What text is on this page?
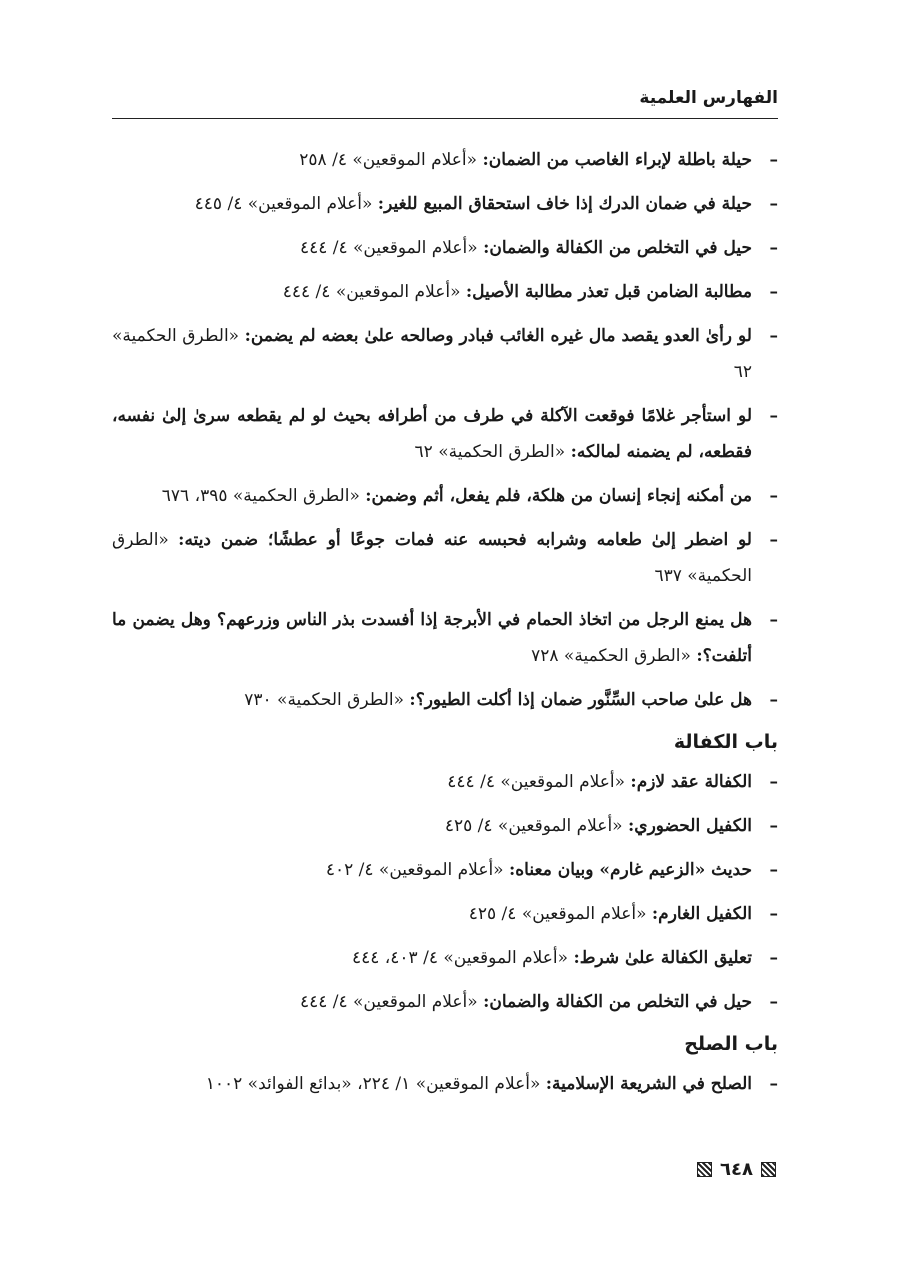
الفهارس العلمية
–
حيلة باطلة لإبراء الغاصب من الضمان: «أعلام الموقعين» ٤/ ٢٥٨
–
حيلة في ضمان الدرك إذا خاف استحقاق المبيع للغير: «أعلام الموقعين» ٤/ ٤٤٥
–
حيل في التخلص من الكفالة والضمان: «أعلام الموقعين» ٤/ ٤٤٤
–
مطالبة الضامن قبل تعذر مطالبة الأصيل: «أعلام الموقعين» ٤/ ٤٤٤
–
لو رأىٰ العدو يقصد مال غيره الغائب فبادر وصالحه علىٰ بعضه لم يضمن: «الطرق الحكمية» ٦٢
–
لو استأجر غلامًا فوقعت الآكلة في طرف من أطرافه بحيث لو لم يقطعه سرىٰ إلىٰ نفسه، فقطعه، لم يضمنه لمالكه: «الطرق الحكمية» ٦٢
–
من أمكنه إنجاء إنسان من هلكة، فلم يفعل، أثم وضمن: «الطرق الحكمية» ٣٩٥، ٦٧٦
–
لو اضطر إلىٰ طعامه وشرابه فحبسه عنه فمات جوعًا أو عطشًا؛ ضمن ديته: «الطرق الحكمية» ٦٣٧
–
هل يمنع الرجل من اتخاذ الحمام في الأبرجة إذا أفسدت بذر الناس وزرعهم؟ وهل يضمن ما أتلفت؟: «الطرق الحكمية» ٧٢٨
–
هل علىٰ صاحب السِّنَّور ضمان إذا أكلت الطيور؟: «الطرق الحكمية» ٧٣٠
باب الكفالة
–
الكفالة عقد لازم: «أعلام الموقعين» ٤/ ٤٤٤
–
الكفيل الحضوري: «أعلام الموقعين» ٤/ ٤٢٥
–
حديث «الزعيم غارم» وبيان معناه: «أعلام الموقعين» ٤/ ٤٠٢
–
الكفيل الغارم: «أعلام الموقعين» ٤/ ٤٢٥
–
تعليق الكفالة علىٰ شرط: «أعلام الموقعين» ٤/ ٤٠٣، ٤٤٤
–
حيل في التخلص من الكفالة والضمان: «أعلام الموقعين» ٤/ ٤٤٤
باب الصلح
–
الصلح في الشريعة الإسلامية: «أعلام الموقعين» ١/ ٢٢٤، «بدائع الفوائد» ١٠٠٢
٦٤٨
